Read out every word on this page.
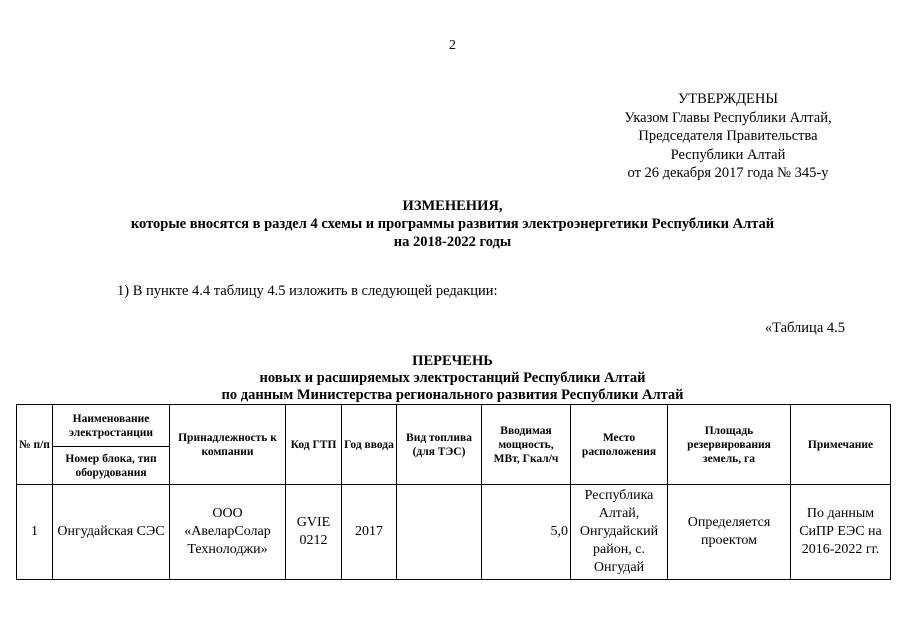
2
УТВЕРЖДЕНЫ
Указом Главы Республики Алтай,
Председателя Правительства
Республики Алтай
от 26 декабря 2017 года № 345-у
ИЗМЕНЕНИЯ,
которые вносятся в раздел 4 схемы и программы развития электроэнергетики Республики Алтай
на 2018-2022 годы
1) В пункте 4.4 таблицу 4.5 изложить в следующей редакции:
«Таблица 4.5
ПЕРЕЧЕНЬ
новых и расширяемых электростанций Республики Алтай
по данным Министерства регионального развития Республики Алтай
№ п/п	Наименование электростанции	Принадлежность к компании	Код ГТП	Год ввода	Вид топлива (для ТЭС)	Вводимая мощность, МВт, Гкал/ч	Место расположения	Площадь резервирования земель, га	Примечание
	Номер блока, тип оборудования								
1	Онгудайская СЭС	ООО «АвеларСолар Технолоджи»	GVIE 0212	2017		5,0	Республика Алтай, Онгудайский район, с. Онгудай	Определяется проектом	По данным СиПР ЕЭС на 2016-2022 гг.
